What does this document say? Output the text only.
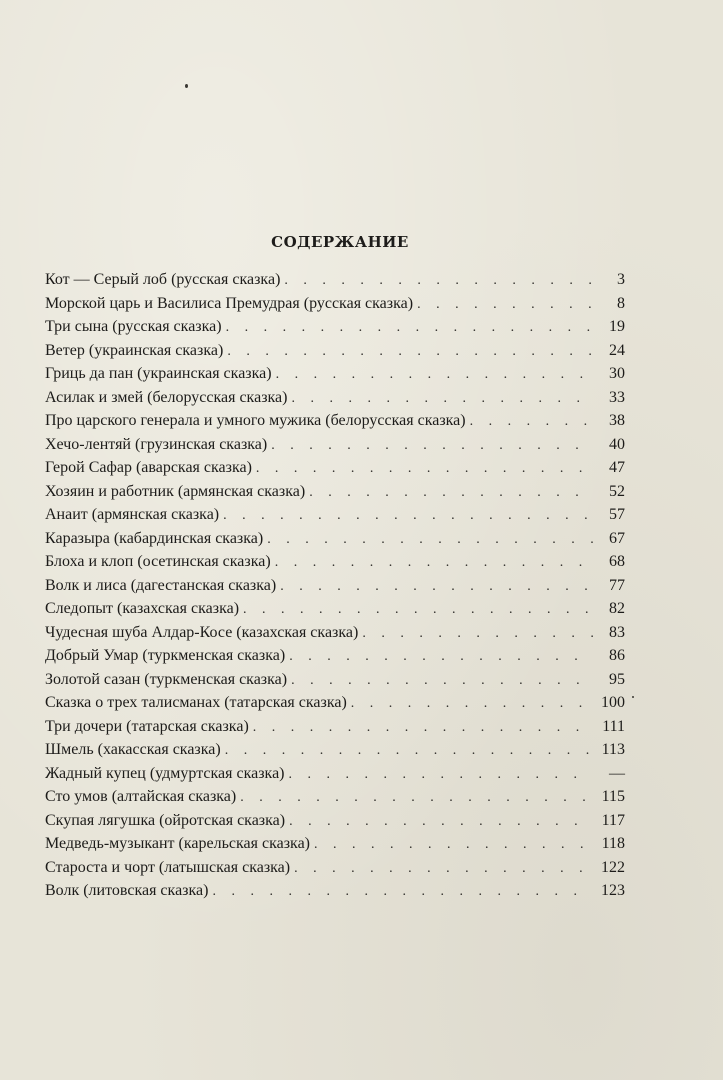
СОДЕРЖАНИЕ
Кот — Серый лоб (русская сказка) . . .	3
Морской царь и Василиса Премудрая (русская сказка) . . .	8
Три сына (русская сказка) . . .	19
Ветер (украинская сказка) . . .	24
Гриць да пан (украинская сказка) . . .	30
Асилак и змей (белорусская сказка) . . .	33
Про царского генерала и умного мужика (белорусская сказка) . . .	38
Хечо-лентяй (грузинская сказка) . . .	40
Герой Сафар (аварская сказка) . . .	47
Хозяин и работник (армянская сказка) . . .	52
Анаит (армянская сказка) . . .	57
Каразыра (кабардинская сказка) . . .	67
Блоха и клоп (осетинская сказка) . . .	68
Волк и лиса (дагестанская сказка) . . .	77
Следопыт (казахская сказка) . . .	82
Чудесная шуба Алдар-Косе (казахская сказка) . . .	83
Добрый Умар (туркменская сказка) . . .	86
Золотой сазан (туркменская сказка) . . .	95
Сказка о трех талисманах (татарская сказка) . . .	100
Три дочери (татарская сказка) . . .	111
Шмель (хакасская сказка) . . .	113
Жадный купец (удмуртская сказка) . . .	—
Сто умов (алтайская сказка) . . .	115
Скупая лягушка (ойротская сказка) . . .	117
Медведь-музыкант (карельская сказка) . . .	118
Староста и чорт (латышская сказка) . . .	122
Волк (литовская сказка) . . .	123
